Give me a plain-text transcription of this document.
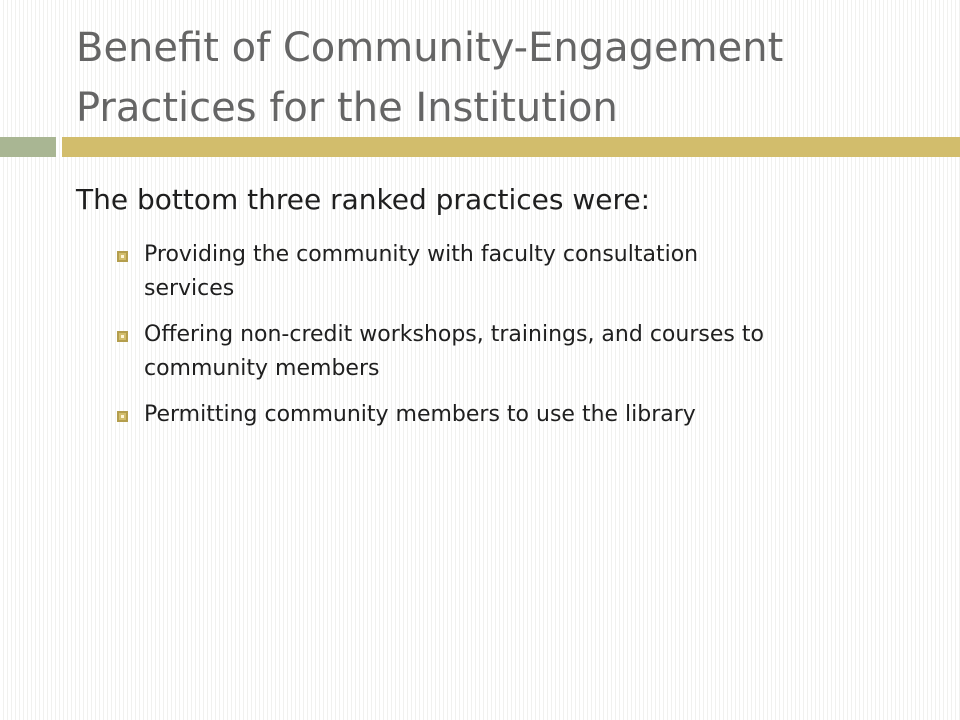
Benefit of Community-Engagement
Practices for the Institution

The bottom three ranked practices were:

Providing the community with faculty consultation
services
Offering non-credit workshops, trainings, and courses to
community members
Permitting community members to use the library
